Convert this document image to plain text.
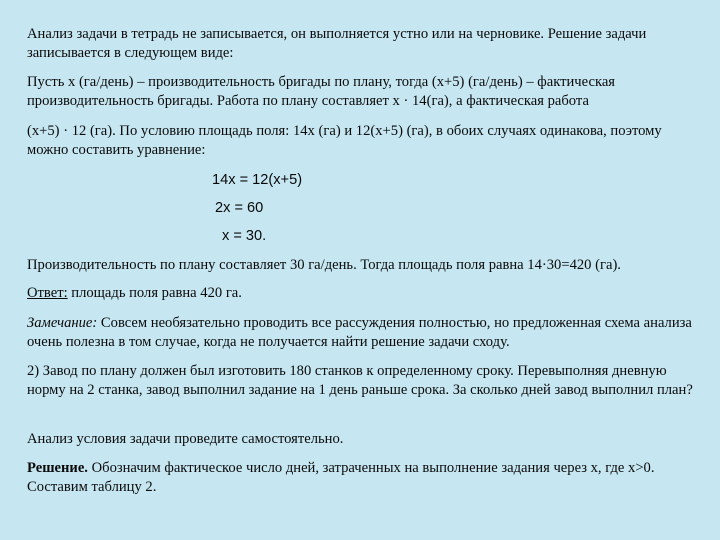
Анализ задачи в тетрадь не записывается, он выполняется устно или на черновике. Решение задачи записывается в следующем виде:

Пусть х (га/день) – производительность бригады по плану, тогда (х+5) (га/день) – фактическая производительность бригады. Работа по плану составляет х · 14(га), а фактическая работа

(х+5) · 12 (га). По условию площадь поля: 14х (га) и 12(х+5) (га), в обоих случаях одинакова, поэтому можно составить уравнение:

14х = 12(х+5)

2х = 60

х = 30.

Производительность по плану составляет 30 га/день. Тогда площадь поля равна 14·30=420 (га).

Ответ: площадь поля равна 420 га.

Замечание: Совсем необязательно проводить все рассуждения полностью, но предложенная схема анализа очень полезна в том случае, когда не получается найти решение задачи сходу.

2) Завод по плану должен был изготовить 180 станков к определенному сроку. Перевыполняя дневную норму на 2 станка, завод выполнил задание на 1 день раньше срока. За сколько дней завод выполнил план?

Анализ условия задачи проведите самостоятельно.

Решение. Обозначим фактическое число дней, затраченных на выполнение задания через х, где х>0. Составим таблицу 2.
